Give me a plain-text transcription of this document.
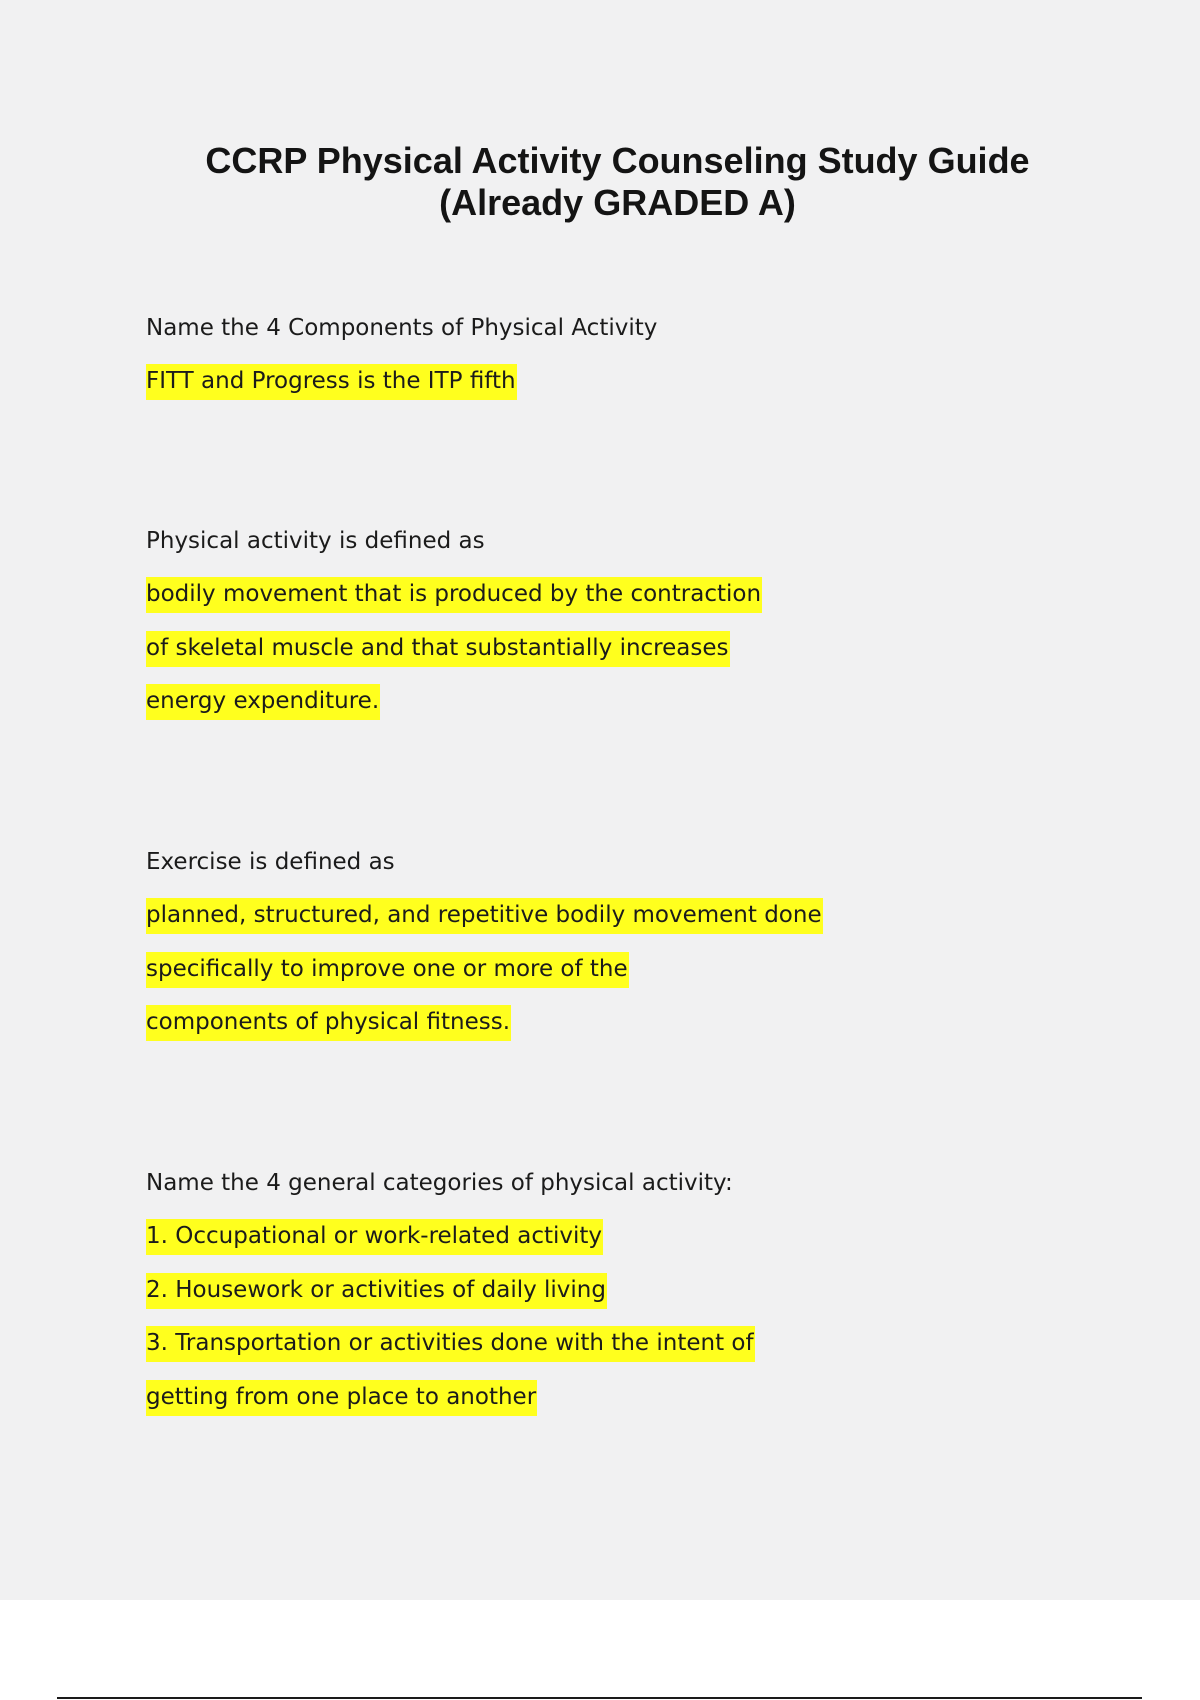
CCRP Physical Activity Counseling Study Guide
(Already GRADED A)

Name the 4 Components of Physical Activity

FITT and Progress is the ITP fifth

Physical activity is defined as

bodily movement that is produced by the contraction
of skeletal muscle and that substantially increases
energy expenditure.

Exercise is defined as

planned, structured, and repetitive bodily movement done
specifically to improve one or more of the
components of physical fitness.

Name the 4 general categories of physical activity:

1. Occupational or work-related activity
2. Housework or activities of daily living
3. Transportation or activities done with the intent of
getting from one place to another
